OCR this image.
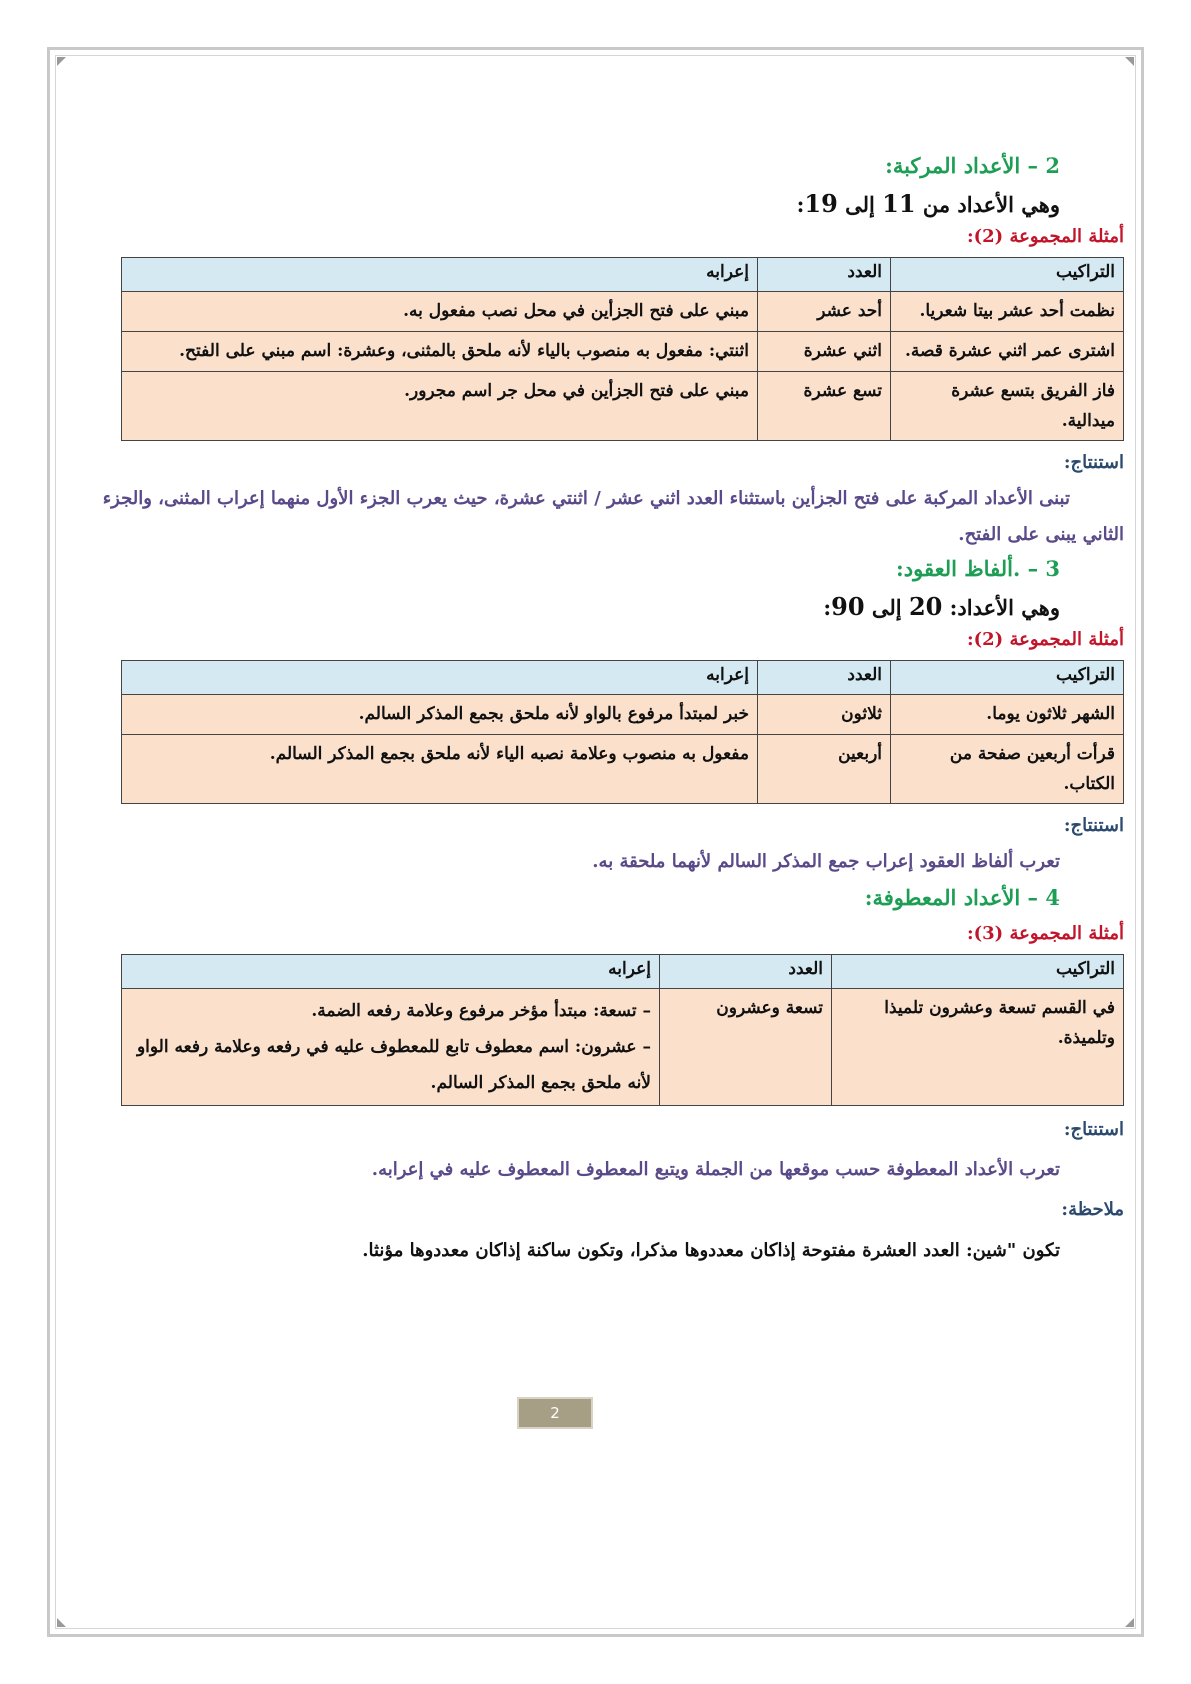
2 – الأعداد المركبة:
وهي الأعداد من 11 إلى 19:
أمثلة المجموعة (2):
التراكيب	العدد	إعرابه
نظمت أحد عشر بيتا شعريا.	أحد عشر	مبني على فتح الجزأين في محل نصب مفعول به.
اشترى عمر اثني عشرة قصة.	اثني عشرة	اثنتي: مفعول به منصوب بالياء لأنه ملحق بالمثنى، وعشرة: اسم مبني على الفتح.
فاز الفريق بتسع عشرة ميدالية.	تسع عشرة	مبني على فتح الجزأين في محل جر اسم مجرور.
استنتاج:
تبنى الأعداد المركبة على فتح الجزأين باستثناء العدد اثني عشر / اثنتي عشرة، حيث يعرب الجزء الأول منهما إعراب المثنى، والجزء الثاني يبنى على الفتح.
3 – .ألفاظ العقود:
وهي الأعداد: 20 إلى 90:
أمثلة المجموعة (2):
التراكيب	العدد	إعرابه
الشهر ثلاثون يوما.	ثلاثون	خبر لمبتدأ مرفوع بالواو لأنه ملحق بجمع المذكر السالم.
قرأت أربعين صفحة من الكتاب.	أربعين	مفعول به منصوب وعلامة نصبه الياء لأنه ملحق بجمع المذكر السالم.
استنتاج:
تعرب ألفاظ العقود إعراب جمع المذكر السالم لأنهما ملحقة به.
4 – الأعداد المعطوفة:
أمثلة المجموعة (3):
التراكيب	العدد	إعرابه
في القسم تسعة وعشرون تلميذا وتلميذة.	تسعة وعشرون	– تسعة: مبتدأ مؤخر مرفوع وعلامة رفعه الضمة.
– عشرون: اسم معطوف تابع للمعطوف عليه في رفعه وعلامة رفعه الواو لأنه ملحق بجمع المذكر السالم.
استنتاج:
تعرب الأعداد المعطوفة حسب موقعها من الجملة ويتبع المعطوف المعطوف عليه في إعرابه.
ملاحظة:
تكون "شين: العدد العشرة مفتوحة إذاكان معددوها مذكرا، وتكون ساكنة إذاكان معددوها مؤنثا.
2
